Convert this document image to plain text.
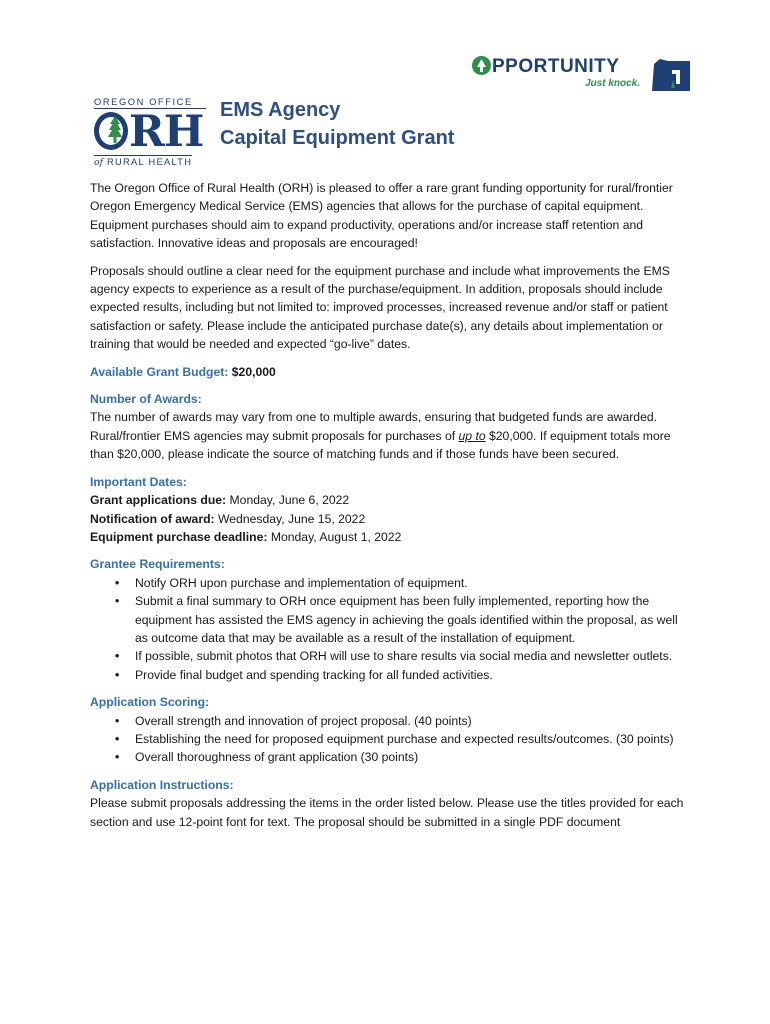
PPORTUNITY
Just knock.
OREGON OFFICE
RH
of RURAL HEALTH
EMS Agency
Capital Equipment Grant

The Oregon Office of Rural Health (ORH) is pleased to offer a rare grant funding opportunity for rural/frontier Oregon Emergency Medical Service (EMS) agencies that allows for the purchase of capital equipment. Equipment purchases should aim to expand productivity, operations and/or increase staff retention and satisfaction. Innovative ideas and proposals are encouraged!

Proposals should outline a clear need for the equipment purchase and include what improvements the EMS agency expects to experience as a result of the purchase/equipment. In addition, proposals should include expected results, including but not limited to: improved processes, increased revenue and/or staff or patient satisfaction or safety. Please include the anticipated purchase date(s), any details about implementation or training that would be needed and expected “go-live” dates.

Available Grant Budget: $20,000

Number of Awards:

The number of awards may vary from one to multiple awards, ensuring that budgeted funds are awarded. Rural/frontier EMS agencies may submit proposals for purchases of up to $20,000. If equipment totals more than $20,000, please indicate the source of matching funds and if those funds have been secured.

Important Dates:

Grant applications due: Monday, June 6, 2022

Notification of award: Wednesday, June 15, 2022

Equipment purchase deadline: Monday, August 1, 2022

Grantee Requirements:

• Notify ORH upon purchase and implementation of equipment.
• Submit a final summary to ORH once equipment has been fully implemented, reporting how the equipment has assisted the EMS agency in achieving the goals identified within the proposal, as well as outcome data that may be available as a result of the installation of equipment.
• If possible, submit photos that ORH will use to share results via social media and newsletter outlets.
• Provide final budget and spending tracking for all funded activities.

Application Scoring:

• Overall strength and innovation of project proposal. (40 points)
• Establishing the need for proposed equipment purchase and expected results/outcomes. (30 points)
• Overall thoroughness of grant application (30 points)

Application Instructions:

Please submit proposals addressing the items in the order listed below. Please use the titles provided for each section and use 12-point font for text. The proposal should be submitted in a single PDF document
